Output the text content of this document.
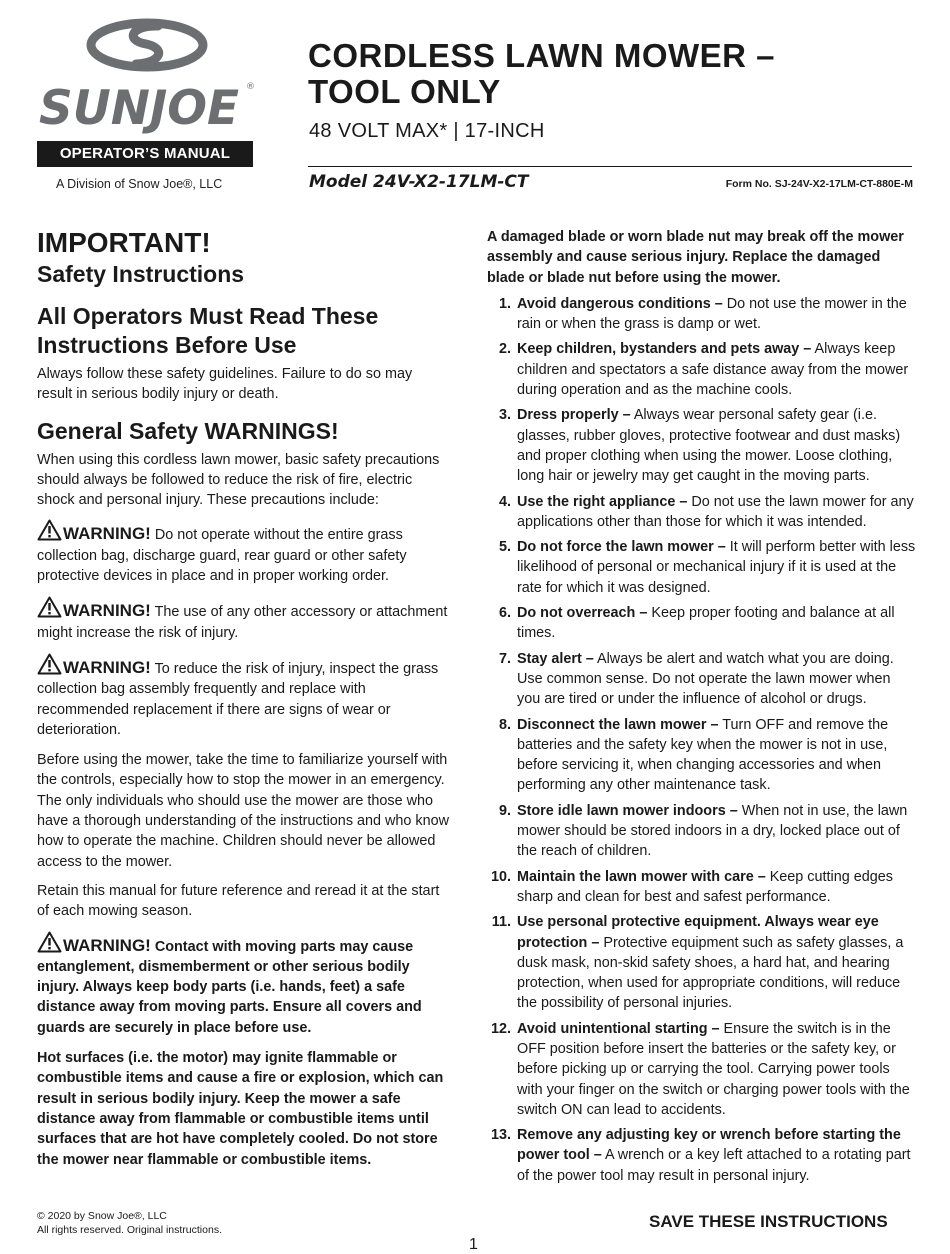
SUNJOE ®
OPERATOR’S MANUAL
A Division of Snow Joe®, LLC
CORDLESS LAWN MOWER – TOOL ONLY
48 VOLT MAX* | 17-INCH
Model 24V-X2-17LM-CT	Form No. SJ-24V-X2-17LM-CT-880E-M
IMPORTANT!
Safety Instructions
All Operators Must Read These Instructions Before Use

Always follow these safety guidelines. Failure to do so may result in serious bodily injury or death.

General Safety WARNINGS!

When using this cordless lawn mower, basic safety precautions should always be followed to reduce the risk of fire, electric shock and personal injury. These precautions include:

WARNING! Do not operate without the entire grass collection bag, discharge guard, rear guard or other safety protective devices in place and in proper working order.

WARNING! The use of any other accessory or attachment might increase the risk of injury.

WARNING! To reduce the risk of injury, inspect the grass collection bag assembly frequently and replace with recommended replacement if there are signs of wear or deterioration.

Before using the mower, take the time to familiarize yourself with the controls, especially how to stop the mower in an emergency. The only individuals who should use the mower are those who have a thorough understanding of the instructions and who know how to operate the machine. Children should never be allowed access to the mower.

Retain this manual for future reference and reread it at the start of each mowing season.

WARNING! Contact with moving parts may cause entanglement, dismemberment or other serious bodily injury. Always keep body parts (i.e. hands, feet) a safe distance away from moving parts. Ensure all covers and guards are securely in place before use.

Hot surfaces (i.e. the motor) may ignite flammable or combustible items and cause a fire or explosion, which can result in serious bodily injury. Keep the mower a safe distance away from flammable or combustible items until surfaces that are hot have completely cooled. Do not store the mower near flammable or combustible items.

A damaged blade or worn blade nut may break off the mower assembly and cause serious injury. Replace the damaged blade or blade nut before using the mower.

1. Avoid dangerous conditions – Do not use the mower in the rain or when the grass is damp or wet.
2. Keep children, bystanders and pets away – Always keep children and spectators a safe distance away from the mower during operation and as the machine cools.
3. Dress properly – Always wear personal safety gear (i.e. glasses, rubber gloves, protective footwear and dust masks) and proper clothing when using the mower. Loose clothing, long hair or jewelry may get caught in the moving parts.
4. Use the right appliance – Do not use the lawn mower for any applications other than those for which it was intended.
5. Do not force the lawn mower – It will perform better with less likelihood of personal or mechanical injury if it is used at the rate for which it was designed.
6. Do not overreach – Keep proper footing and balance at all times.
7. Stay alert – Always be alert and watch what you are doing. Use common sense. Do not operate the lawn mower when you are tired or under the influence of alcohol or drugs.
8. Disconnect the lawn mower – Turn OFF and remove the batteries and the safety key when the mower is not in use, before servicing it, when changing accessories and when performing any other maintenance task.
9. Store idle lawn mower indoors – When not in use, the lawn mower should be stored indoors in a dry, locked place out of the reach of children.
10. Maintain the lawn mower with care – Keep cutting edges sharp and clean for best and safest performance.
11. Use personal protective equipment. Always wear eye protection – Protective equipment such as safety glasses, a dusk mask, non-skid safety shoes, a hard hat, and hearing protection, when used for appropriate conditions, will reduce the possibility of personal injuries.
12. Avoid unintentional starting – Ensure the switch is in the OFF position before insert the batteries or the safety key, or before picking up or carrying the tool. Carrying power tools with your finger on the switch or charging power tools with the switch ON can lead to accidents.
13. Remove any adjusting key or wrench before starting the power tool – A wrench or a key left attached to a rotating part of the power tool may result in personal injury.
© 2020 by Snow Joe®, LLC
All rights reserved. Original instructions.	SAVE THESE INSTRUCTIONS
1
